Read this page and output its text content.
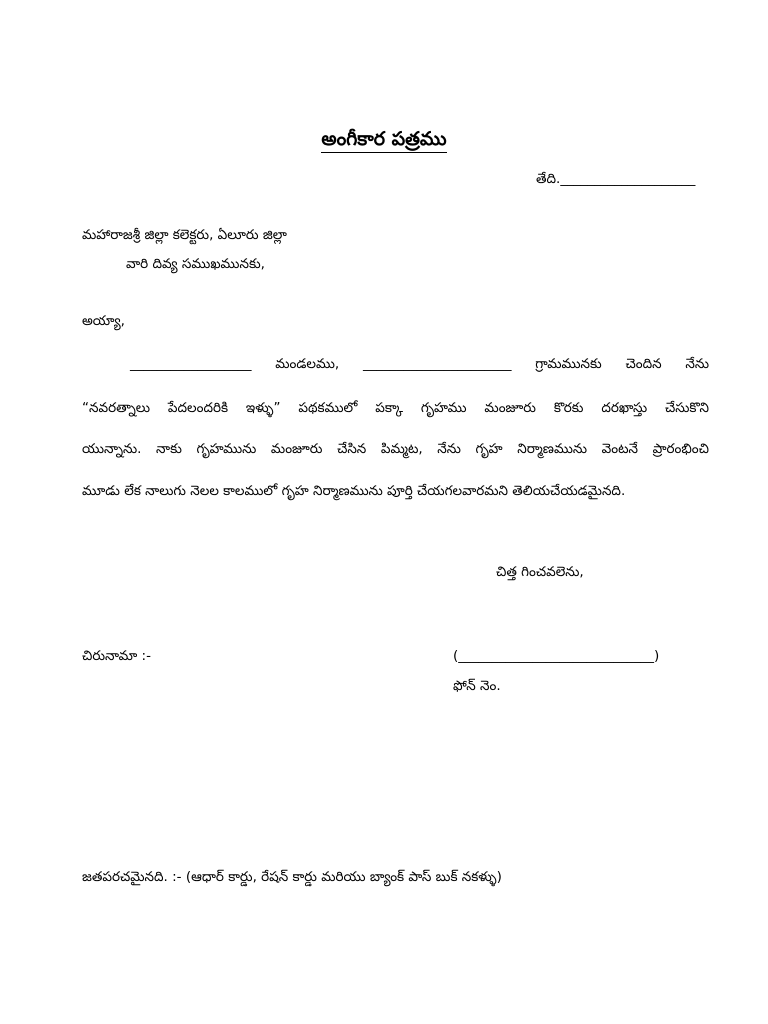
అంగీకార పత్రము
తేది.____________________
మహారాజశ్రీ జిల్లా కలెక్టరు, ఏలూరు జిల్లా
వారి దివ్య సముఖమునకు,
అయ్యా,
__________________ మండలము, ______________________ గ్రామమునకు చెందిన నేను
“నవరత్నాలు పేదలందరికి ఇళ్ళు” పథకములో పక్కా గృహము మంజూరు కొరకు దరఖాస్తు చేసుకొని
యున్నాను. నాకు గృహమును మంజూరు చేసిన పిమ్మట, నేను గృహ నిర్మాణమును వెంటనే ప్రారంభించి
మూడు లేక నాలుగు నెలల కాలములో గృహ నిర్మాణమును పూర్తి చేయగలవారమని తెలియచేయడమైనది.
చిత్త గించవలెను,
చిరునామా :-	(_____________________________)
ఫోన్ నెం.
జతపరచమైనది. :- (ఆధార్ కార్డు, రేషన్ కార్డు మరియు బ్యాంక్ పాస్ బుక్ నకళ్ళు)
